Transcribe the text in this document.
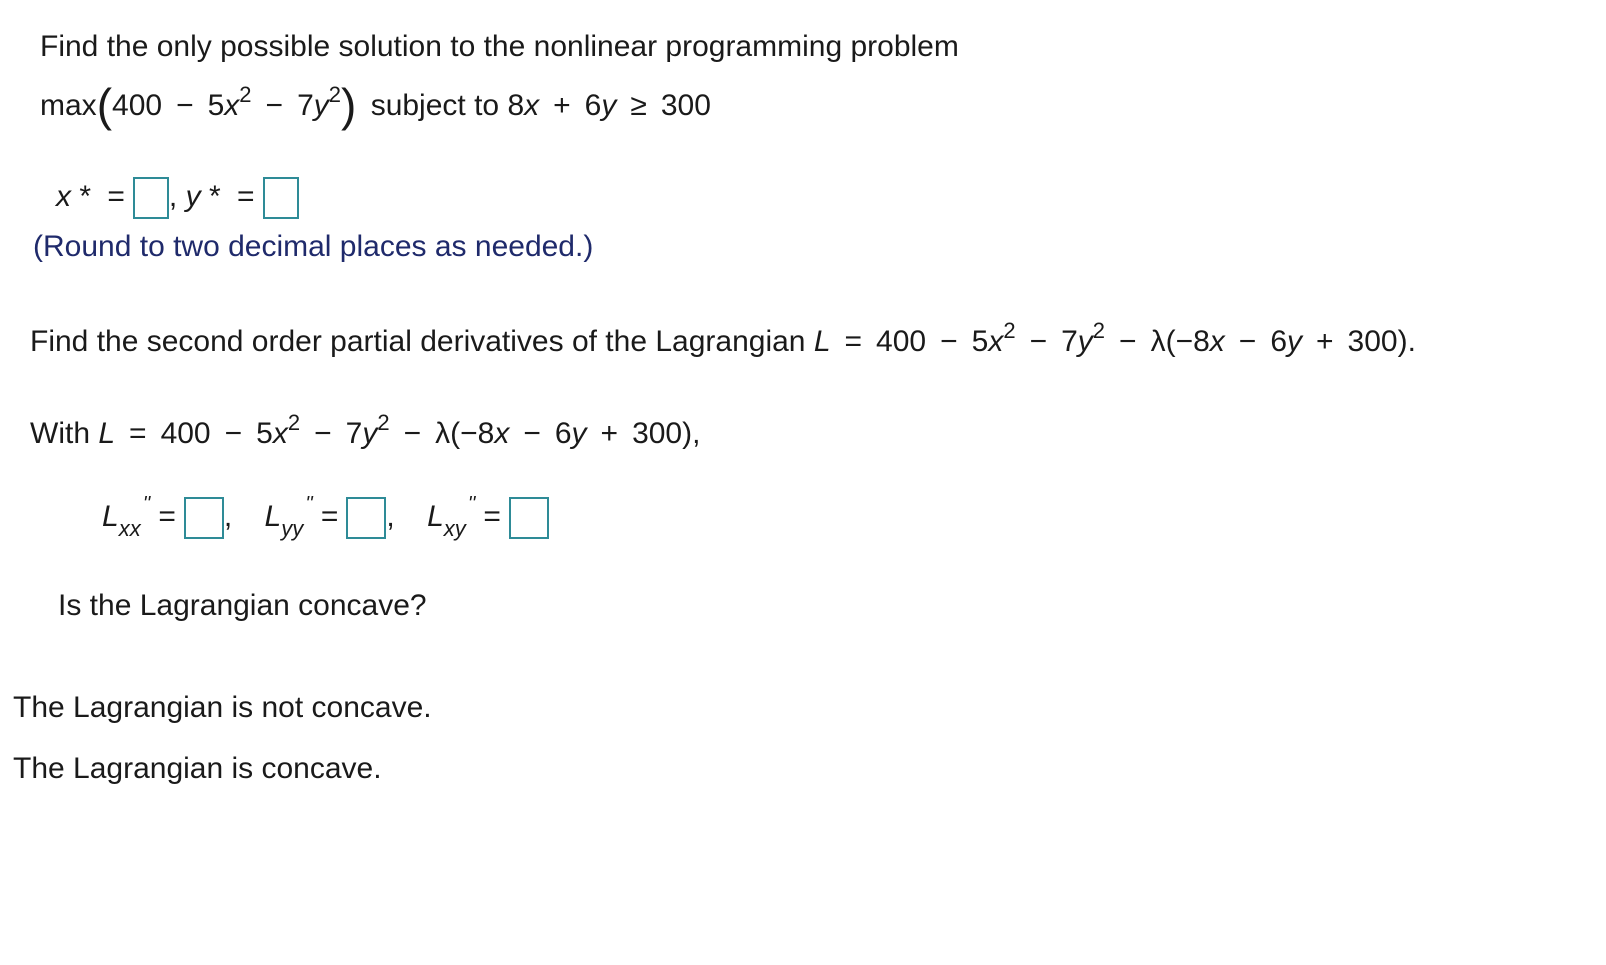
Find the only possible solution to the nonlinear programming problem
$\max(400 - 5x^2 - 7y^2)$ subject to 8x + 6y ≥ 300
x * = , y * =
(Round to two decimal places as needed.)
Find the second order partial derivatives of the Lagrangian $L = 400 - 5x^2 - 7y^2 - \lambda(-8x - 6y + 300)$.
With $L = 400 - 5x^2 - 7y^2 - \lambda(-8x - 6y + 300)$,
$L_{xx}''$ = , $L_{yy}''$ = , $L_{xy}''$ =
Is the Lagrangian concave?
The Lagrangian is not concave.
The Lagrangian is concave.
